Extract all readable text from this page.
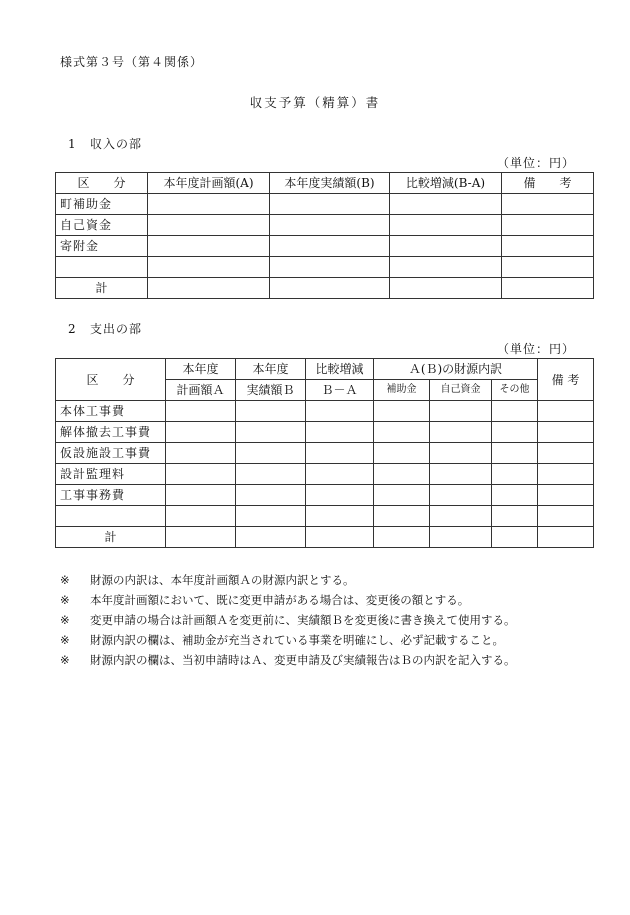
様式第３号（第４関係）
収支予算（精算）書
1 収入の部
（単位：円）
区　　分	本年度計画額(A)	本年度実績額(B)	比較増減(B-A)	備　　考
町補助金				
自己資金				
寄附金				

計				
2 支出の部
（単位：円）
区　　分	本年度	本年度	比較増減	Ａ(Ｂ)の財源内訳			備 考
	計画額Ａ	実績額Ｂ	Ｂ－Ａ	補助金	自己資金	その他	
本体工事費							
解体撤去工事費							
仮設施設工事費							
設計監理料							
工事事務費							

計							
※	財源の内訳は、本年度計画額Ａの財源内訳とする。
※	本年度計画額において、既に変更申請がある場合は、変更後の額とする。
※	変更申請の場合は計画額Ａを変更前に、実績額Ｂを変更後に書き換えて使用する。
※	財源内訳の欄は、補助金が充当されている事業を明確にし、必ず記載すること。
※	財源内訳の欄は、当初申請時はＡ、変更申請及び実績報告はＢの内訳を記入する。
